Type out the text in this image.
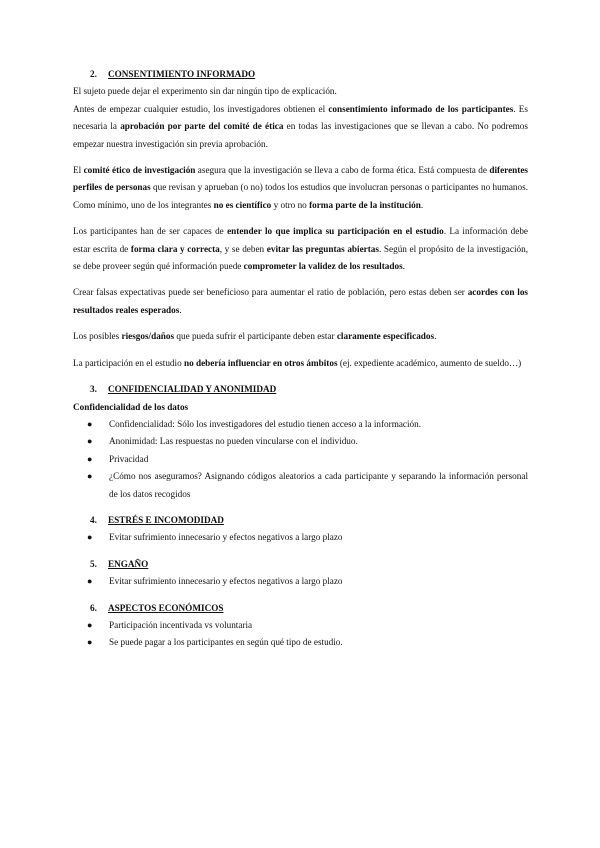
2. CONSENTIMIENTO INFORMADO

El sujeto puede dejar el experimento sin dar ningún tipo de explicación.

Antes de empezar cualquier estudio, los investigadores obtienen el consentimiento informado de los participantes. Es necesaria la aprobación por parte del comité de ética en todas las investigaciones que se llevan a cabo. No podremos empezar nuestra investigación sin previa aprobación.

El comité ético de investigación asegura que la investigación se lleva a cabo de forma ética. Está compuesta de diferentes perfiles de personas que revisan y aprueban (o no) todos los estudios que involucran personas o participantes no humanos. Como mínimo, uno de los integrantes no es científico y otro no forma parte de la institución.

Los participantes han de ser capaces de entender lo que implica su participación en el estudio. La información debe estar escrita de forma clara y correcta, y se deben evitar las preguntas abiertas. Según el propósito de la investigación, se debe proveer según qué información puede comprometer la validez de los resultados.

Crear falsas expectativas puede ser beneficioso para aumentar el ratio de población, pero estas deben ser acordes con los resultados reales esperados.

Los posibles riesgos/daños que pueda sufrir el participante deben estar claramente especificados.

La participación en el estudio no debería influenciar en otros ámbitos (ej. expediente académico, aumento de sueldo…)

3. CONFIDENCIALIDAD Y ANONIMIDAD

Confidencialidad de los datos

● Confidencialidad: Sólo los investigadores del estudio tienen acceso a la información.
● Anonimidad: Las respuestas no pueden vincularse con el individuo.
● Privacidad
● ¿Cómo nos aseguramos? Asignando códigos aleatorios a cada participante y separando la información personal de los datos recogidos

4. ESTRÉS E INCOMODIDAD

● Evitar sufrimiento innecesario y efectos negativos a largo plazo

5. ENGAÑO

● Evitar sufrimiento innecesario y efectos negativos a largo plazo

6. ASPECTOS ECONÓMICOS

● Participación incentivada vs voluntaria
● Se puede pagar a los participantes en según qué tipo de estudio.
